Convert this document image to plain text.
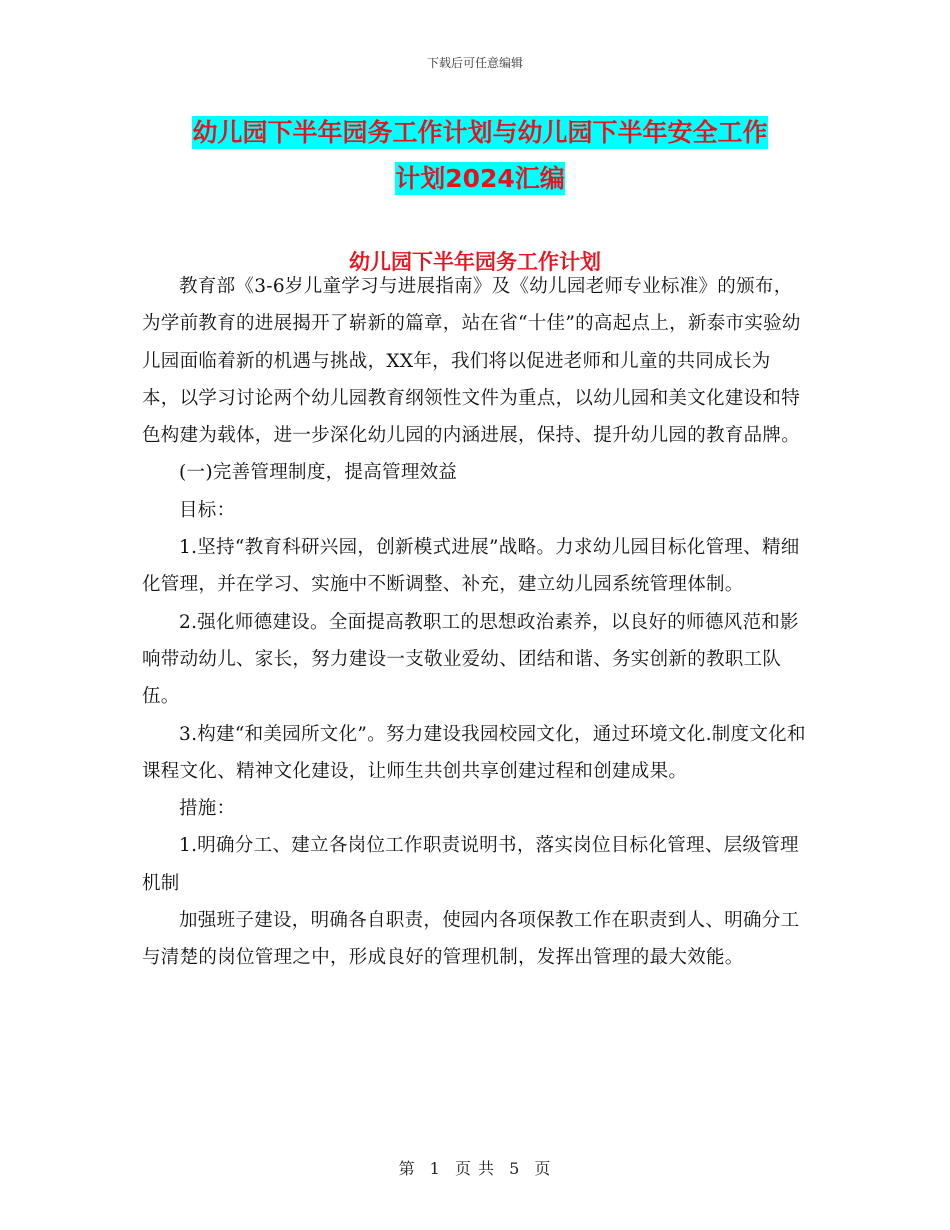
下载后可任意编辑
幼儿园下半年园务工作计划与幼儿园下半年安全工作
计划2024汇编
幼儿园下半年园务工作计划

教育部《3-6岁儿童学习与进展指南》及《幼儿园老师专业标准》的颁布，为学前教育的进展揭开了崭新的篇章，站在省“十佳”的高起点上，新泰市实验幼儿园面临着新的机遇与挑战，XX年，我们将以促进老师和儿童的共同成长为本，以学习讨论两个幼儿园教育纲领性文件为重点，以幼儿园和美文化建设和特色构建为载体，进一步深化幼儿园的内涵进展，保持、提升幼儿园的教育品牌。

(一)完善管理制度，提高管理效益

目标：

1.坚持“教育科研兴园，创新模式进展”战略。力求幼儿园目标化管理、精细化管理，并在学习、实施中不断调整、补充，建立幼儿园系统管理体制。

2.强化师德建设。全面提高教职工的思想政治素养，以良好的师德风范和影响带动幼儿、家长，努力建设一支敬业爱幼、团结和谐、务实创新的教职工队伍。

3.构建“和美园所文化”。努力建设我园校园文化，通过环境文化.制度文化和课程文化、精神文化建设，让师生共创共享创建过程和创建成果。

措施：

1.明确分工、建立各岗位工作职责说明书，落实岗位目标化管理、层级管理机制

加强班子建设，明确各自职责，使园内各项保教工作在职责到人、明确分工与清楚的岗位管理之中，形成良好的管理机制，发挥出管理的最大效能。

第 1 页 共 5 页
